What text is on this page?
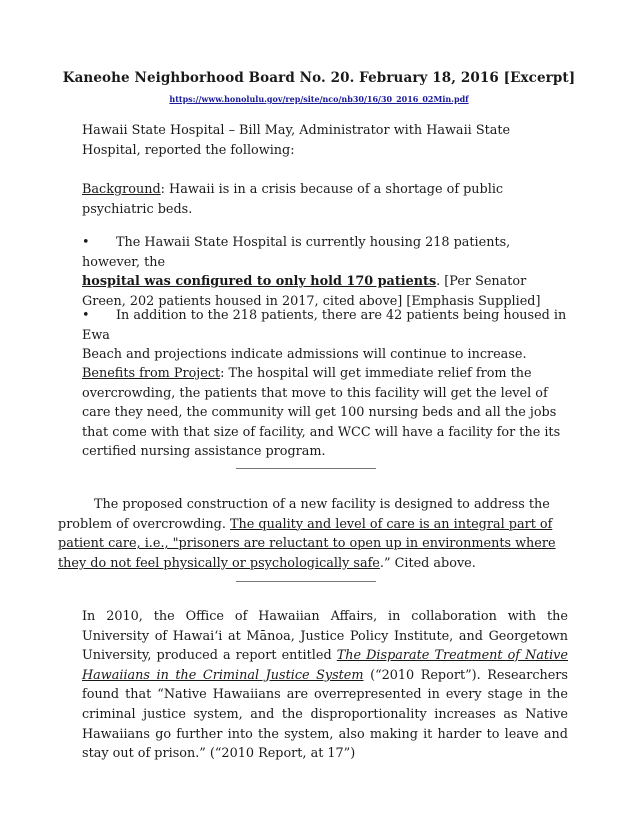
Kaneohe Neighborhood Board No. 20. February 18, 2016 [Excerpt]
https://www.honolulu.gov/rep/site/nco/nb30/16/30_2016_02Min.pdf
Hawaii State Hospital – Bill May, Administrator with Hawaii State Hospital, reported the following:
Background: Hawaii is in a crisis because of a shortage of public psychiatric beds.
• The Hawaii State Hospital is currently housing 218 patients, however, the
hospital was configured to only hold 170 patients. [Per Senator Green, 202 patients housed in 2017, cited above] [Emphasis Supplied]
• In addition to the 218 patients, there are 42 patients being housed in Ewa
Beach and projections indicate admissions will continue to increase.
Benefits from Project: The hospital will get immediate relief from the overcrowding, the patients that move to this facility will get the level of care they need, the community will get 100 nursing beds and all the jobs that come with that size of facility, and WCC will have a facility for the its certified nursing assistance program.
The proposed construction of a new facility is designed to address the problem of overcrowding. The quality and level of care is an integral part of patient care, i.e., "prisoners are reluctant to open up in environments where they do not feel physically or psychologically safe.” Cited above.
In 2010, the Office of Hawaiian Affairs, in collaboration with the University of Hawai‘i at Mānoa, Justice Policy Institute, and Georgetown University, produced a report entitled The Disparate Treatment of Native Hawaiians in the Criminal Justice System (“2010 Report”). Researchers found that “Native Hawaiians are overrepresented in every stage in the criminal justice system, and the disproportionality increases as Native Hawaiians go further into the system, also making it harder to leave and stay out of prison.” (“2010 Report, at 17”)
